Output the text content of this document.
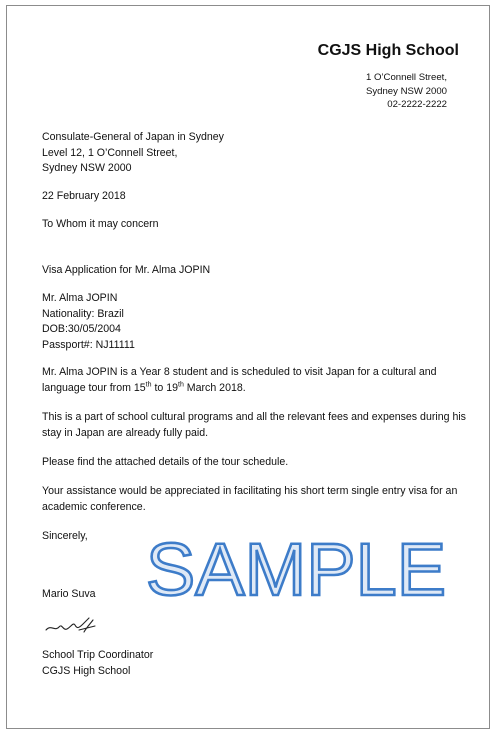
CGJS High School
1 O’Connell Street,
Sydney NSW 2000
02-2222-2222
Consulate-General of Japan in Sydney
Level 12, 1 O’Connell Street,
Sydney NSW 2000
22 February 2018
To Whom it may concern
Visa Application for Mr. Alma JOPIN
Mr. Alma JOPIN
Nationality: Brazil
DOB:30/05/2004
Passport#: NJ11111
Mr. Alma JOPIN is a Year 8 student and is scheduled to visit Japan for a cultural and language tour from 15th to 19th March 2018.
This is a part of school cultural programs and all the relevant fees and expenses during his stay in Japan are already fully paid.
Please find the attached details of the tour schedule.
Your assistance would be appreciated in facilitating his short term single entry visa for an academic conference.
Sincerely,
Mario Suva
School Trip Coordinator
CGJS High School
SAMPLE
